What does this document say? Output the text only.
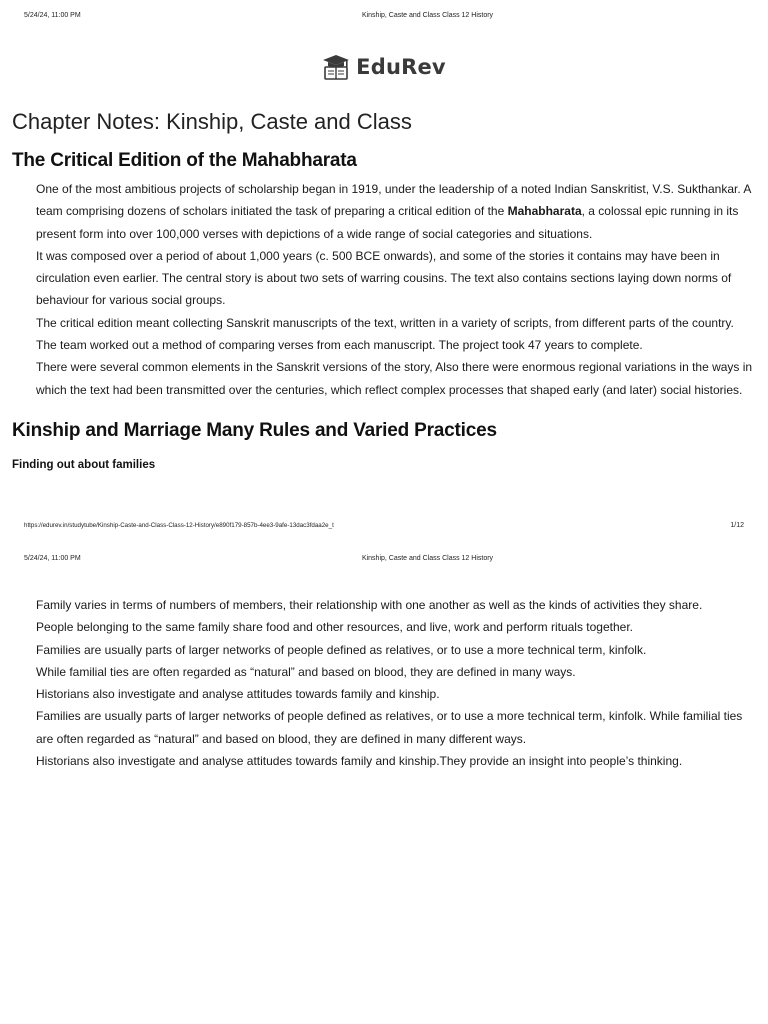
5/24/24, 11:00 PM	Kinship, Caste and Class Class 12 History
EduRev
Chapter Notes: Kinship, Caste and Class
The Critical Edition of the Mahabharata

One of the most ambitious projects of scholarship began in 1919, under the leadership of a noted Indian Sanskritist, V.S. Sukthankar. A team comprising dozens of scholars initiated the task of preparing a critical edition of the Mahabharata, a colossal epic running in its present form into over 100,000 verses with depictions of a wide range of social categories and situations.

It was composed over a period of about 1,000 years (c. 500 BCE onwards), and some of the stories it contains may have been in circulation even earlier. The central story is about two sets of warring cousins. The text also contains sections laying down norms of behaviour for various social groups.

The critical edition meant collecting Sanskrit manuscripts of the text, written in a variety of scripts, from different parts of the country. The team worked out a method of comparing verses from each manuscript. The project took 47 years to complete.

There were several common elements in the Sanskrit versions of the story, Also there were enormous regional variations in the ways in which the text had been transmitted over the centuries, which reflect complex processes that shaped early (and later) social histories.

Kinship and Marriage Many Rules and Varied Practices
Finding out about families
https://edurev.in/studytube/Kinship-Caste-and-Class-Class-12-History/e890f179-857b-4ee3-9afe-13dac3fdaa2e_t	1/12
5/24/24, 11:00 PM	Kinship, Caste and Class Class 12 History

Family varies in terms of numbers of members, their relationship with one another as well as the kinds of activities they share.

People belonging to the same family share food and other resources, and live, work and perform rituals together.

Families are usually parts of larger networks of people defined as relatives, or to use a more technical term, kinfolk.

While familial ties are often regarded as “natural” and based on blood, they are defined in many ways.

Historians also investigate and analyse attitudes towards family and kinship.

Families are usually parts of larger networks of people defined as relatives, or to use a more technical term, kinfolk. While familial ties are often regarded as “natural” and based on blood, they are defined in many different ways.

Historians also investigate and analyse attitudes towards family and kinship.They provide an insight into people’s thinking.
